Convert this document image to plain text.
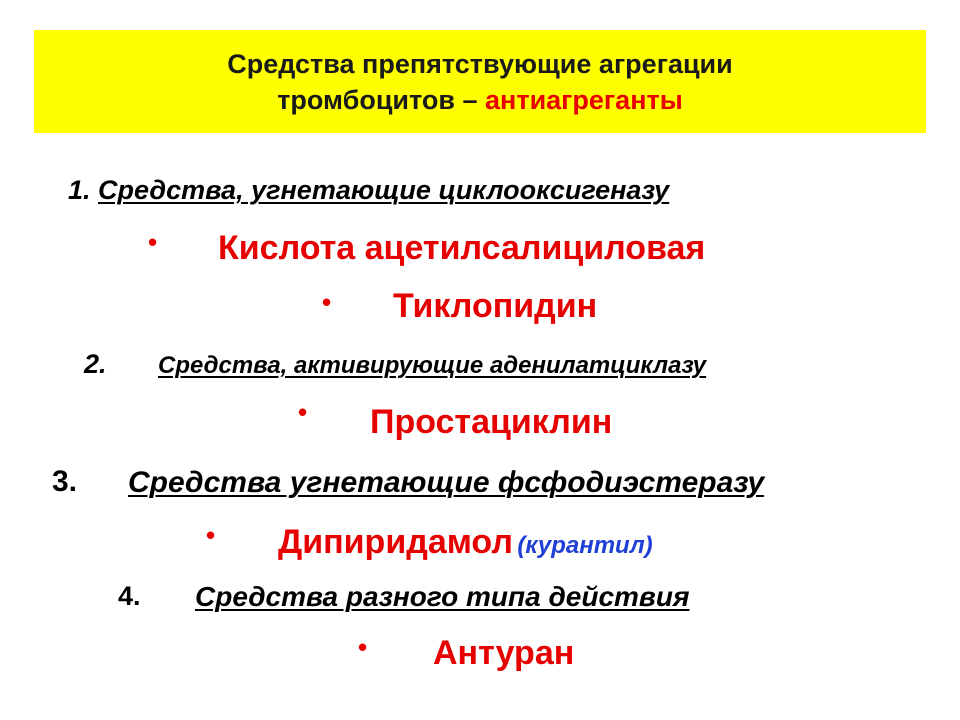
Средства препятствующие агрегации
тромбоцитов – антиагреганты
1. Средства, угнетающие циклооксигеназу
• Кислота ацетилсалициловая
• Тиклопидин
2. Средства, активирующие аденилатциклазу
• Простациклин
3. Средства угнетающие фсфодиэстеразу
• Дипиридамол (курантил)
4. Средства разного типа действия
• Антуран
